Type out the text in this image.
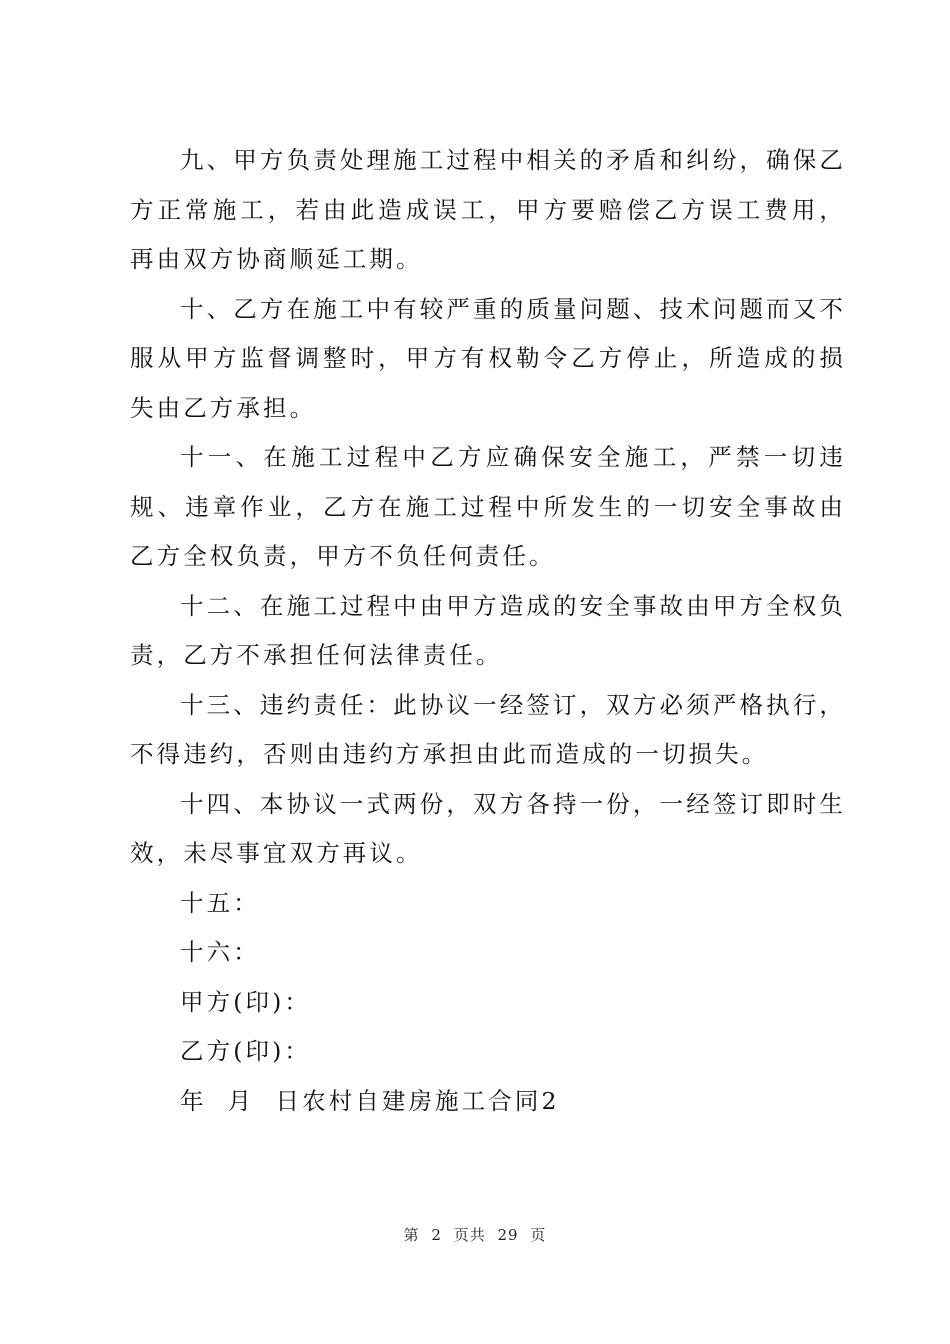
九、甲方负责处理施工过程中相关的矛盾和纠纷，确保乙方正常施工，若由此造成误工，甲方要赔偿乙方误工费用，再由双方协商顺延工期。

十、乙方在施工中有较严重的质量问题、技术问题而又不服从甲方监督调整时，甲方有权勒令乙方停止，所造成的损失由乙方承担。

十一、在施工过程中乙方应确保安全施工，严禁一切违规、违章作业，乙方在施工过程中所发生的一切安全事故由乙方全权负责，甲方不负任何责任。

十二、在施工过程中由甲方造成的安全事故由甲方全权负责，乙方不承担任何法律责任。

十三、违约责任：此协议一经签订，双方必须严格执行，不得违约，否则由违约方承担由此而造成的一切损失。

十四、本协议一式两份，双方各持一份，一经签订即时生效，未尽事宜双方再议。

十五：

十六：

甲方(印)：

乙方(印)：

年  月  日农村自建房施工合同2

第 2 页共 29 页
